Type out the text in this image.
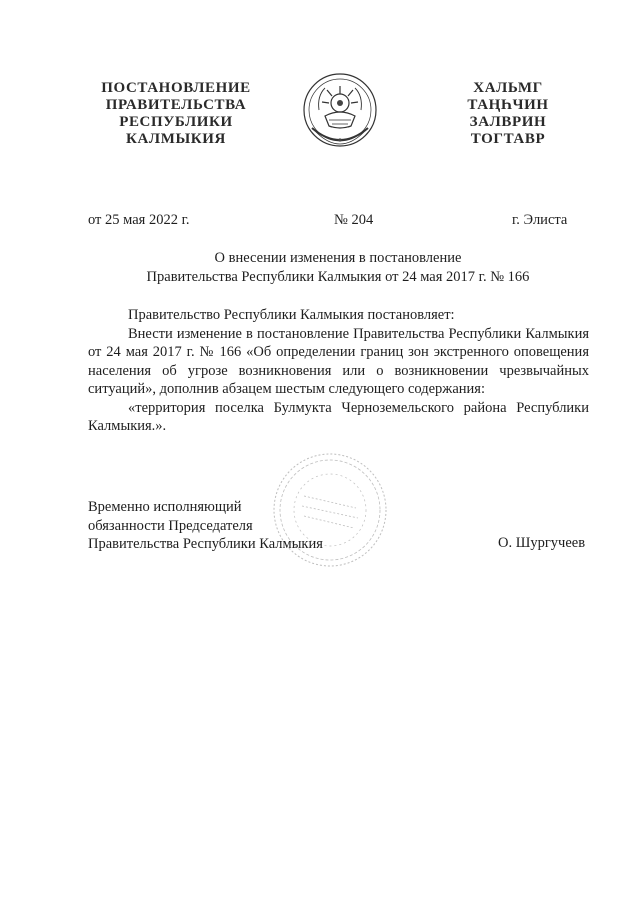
ПОСТАНОВЛЕНИЕ
ПРАВИТЕЛЬСТВА
РЕСПУБЛИКИ
КАЛМЫКИЯ
ХАЛЬМГ
ТАҢҺЧИН
ЗАЛВРИН
ТОГТАВР
от 25 мая 2022 г.	№ 204	г. Элиста
О внесении изменения в постановление
Правительства Республики Калмыкия от 24 мая 2017 г. № 166

Правительство Республики Калмыкия постановляет:

Внести изменение в постановление Правительства Республики Калмыкия от 24 мая 2017 г. № 166 «Об определении границ зон экстренного оповещения населения об угрозе возникновения или о возникновении чрезвычайных ситуаций», дополнив абзацем шестым следующего содержания:

«территория поселка Булмукта Черноземельского района Республики Калмыкия.».

Временно исполняющий
обязанности Председателя
Правительства Республики Калмыкия	О. Шургучеев
